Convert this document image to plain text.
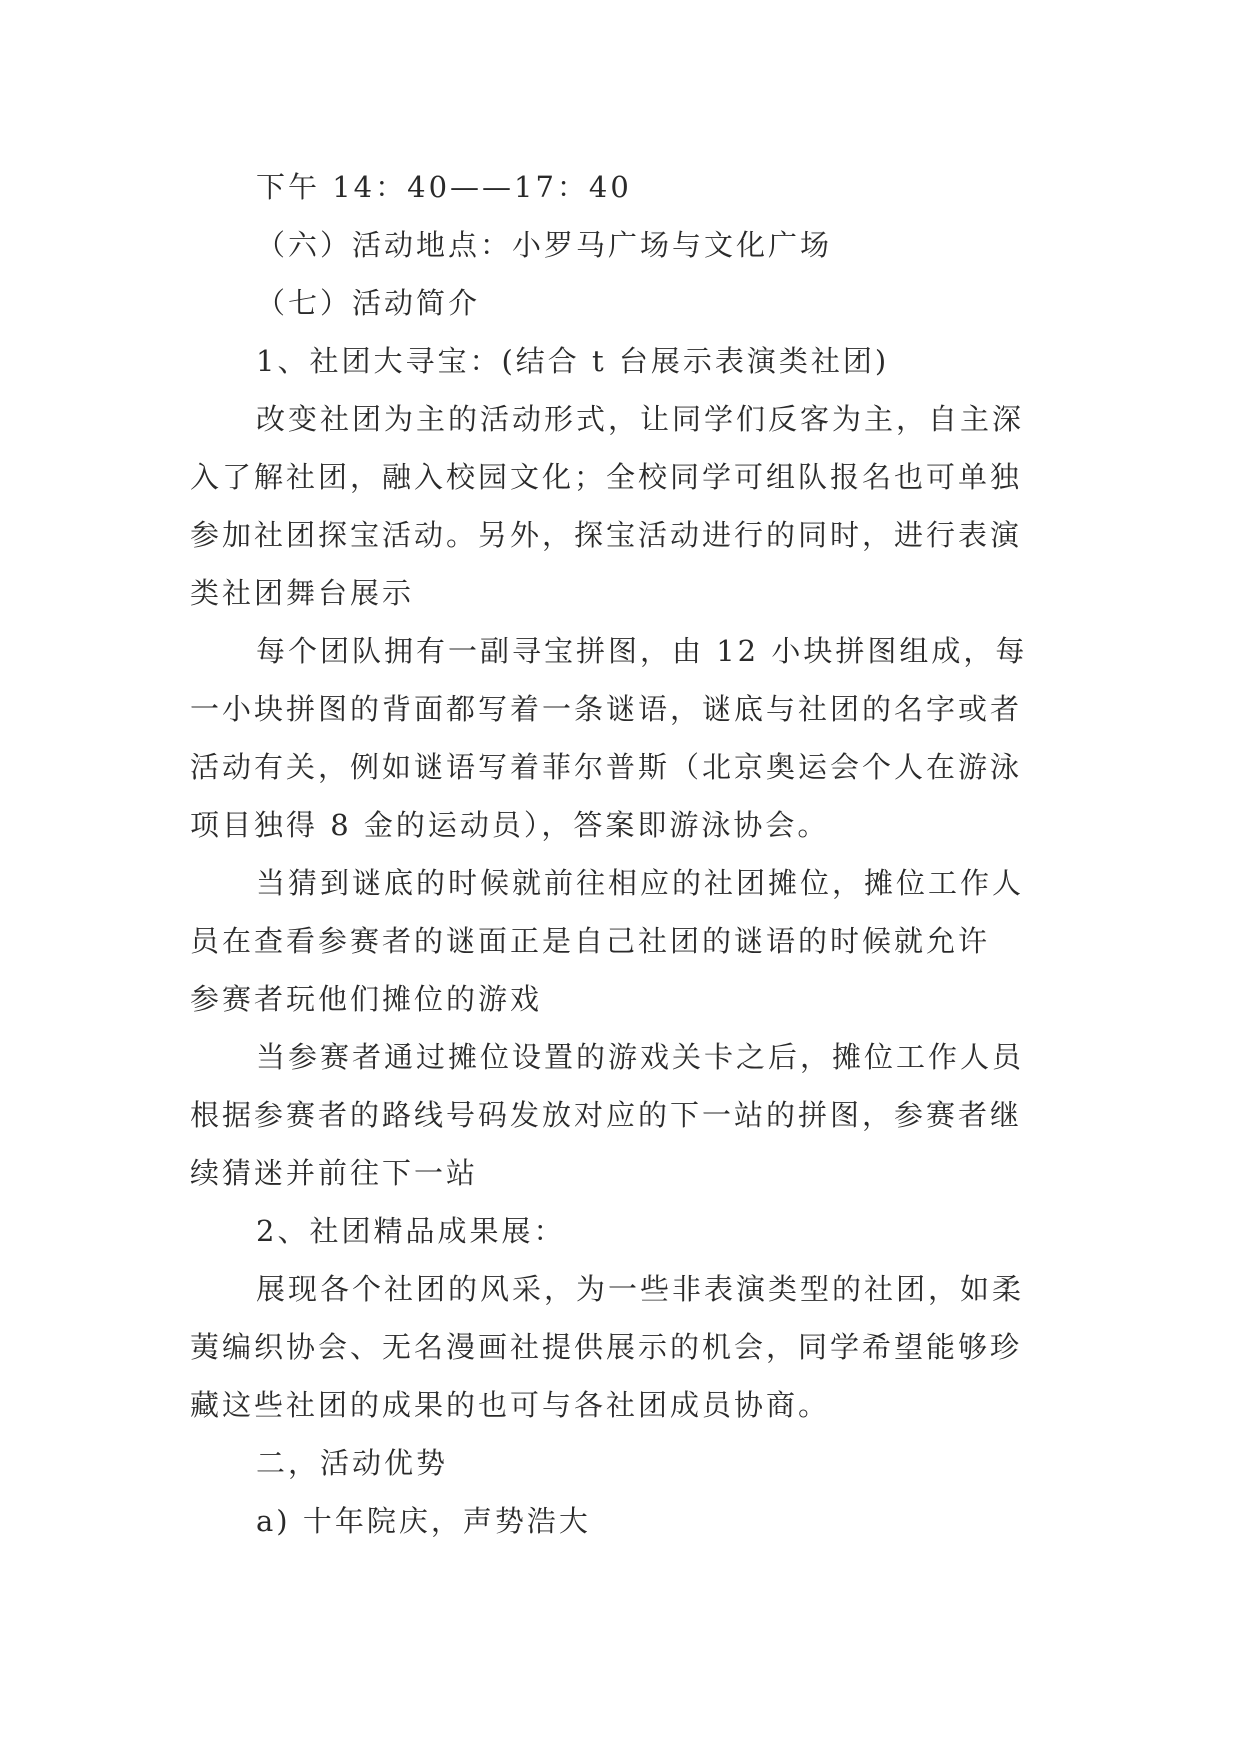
下午 14：40——17：40
（六）活动地点：小罗马广场与文化广场
（七）活动简介
1、社团大寻宝：(结合 t 台展示表演类社团)
改变社团为主的活动形式，让同学们反客为主，自主深
入了解社团，融入校园文化；全校同学可组队报名也可单独
参加社团探宝活动。另外，探宝活动进行的同时，进行表演
类社团舞台展示
每个团队拥有一副寻宝拼图，由 12 小块拼图组成，每
一小块拼图的背面都写着一条谜语，谜底与社团的名字或者
活动有关，例如谜语写着菲尔普斯（北京奥运会个人在游泳
项目独得 8 金的运动员），答案即游泳协会。
当猜到谜底的时候就前往相应的社团摊位，摊位工作人
员在查看参赛者的谜面正是自己社团的谜语的时候就允许
参赛者玩他们摊位的游戏
当参赛者通过摊位设置的游戏关卡之后，摊位工作人员
根据参赛者的路线号码发放对应的下一站的拼图，参赛者继
续猜迷并前往下一站
2、社团精品成果展：
展现各个社团的风采，为一些非表演类型的社团，如柔
荑编织协会、无名漫画社提供展示的机会，同学希望能够珍
藏这些社团的成果的也可与各社团成员协商。
二，活动优势
a) 十年院庆，声势浩大
